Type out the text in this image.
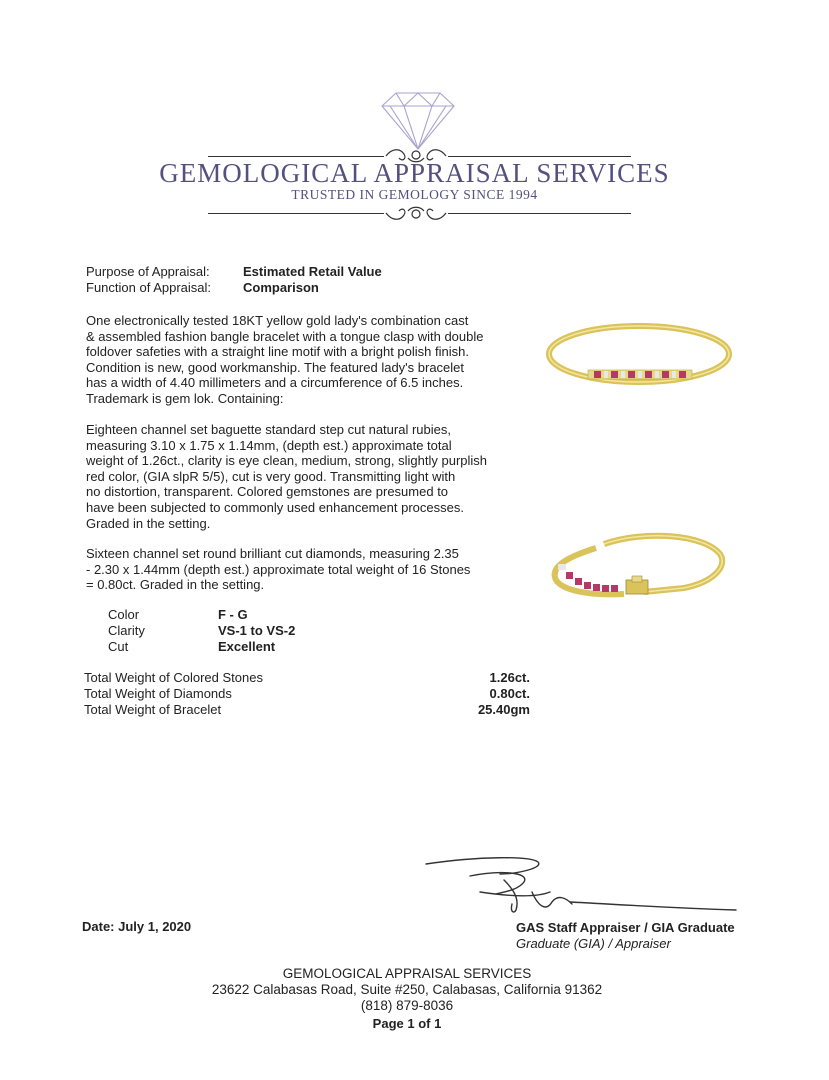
GEMOLOGICAL APPRAISAL SERVICES
TRUSTED IN GEMOLOGY SINCE 1994
Purpose of Appraisal:	Estimated Retail Value
Function of Appraisal: Comparison
One electronically tested 18KT yellow gold lady's combination cast
& assembled fashion bangle bracelet with a tongue clasp with double
foldover safeties with a straight line motif with a bright polish finish.
Condition is new, good workmanship. The featured lady's bracelet
has a width of 4.40 millimeters and a circumference of 6.5 inches.
Trademark is gem lok. Containing:
Eighteen channel set baguette standard step cut natural rubies,
measuring 3.10 x 1.75 x 1.14mm, (depth est.) approximate total
weight of 1.26ct., clarity is eye clean, medium, strong, slightly purplish
red color, (GIA slpR 5/5), cut is very good. Transmitting light with
no distortion, transparent. Colored gemstones are presumed to
have been subjected to commonly used enhancement processes.
Graded in the setting.
Sixteen channel set round brilliant cut diamonds, measuring 2.35
- 2.30 x 1.44mm (depth est.) approximate total weight of 16 Stones
= 0.80ct. Graded in the setting.
Color	F - G
Clarity	VS-1 to VS-2
Cut	Excellent
Total Weight of Colored Stones	1.26ct.
Total Weight of Diamonds	0.80ct.
Total Weight of Bracelet	25.40gm
Date: July 1, 2020	GAS Staff Appraiser / GIA Graduate
Graduate (GIA) / Appraiser
GEMOLOGICAL APPRAISAL SERVICES
23622 Calabasas Road, Suite #250, Calabasas, California 91362
(818) 879-8036
Page 1 of 1
